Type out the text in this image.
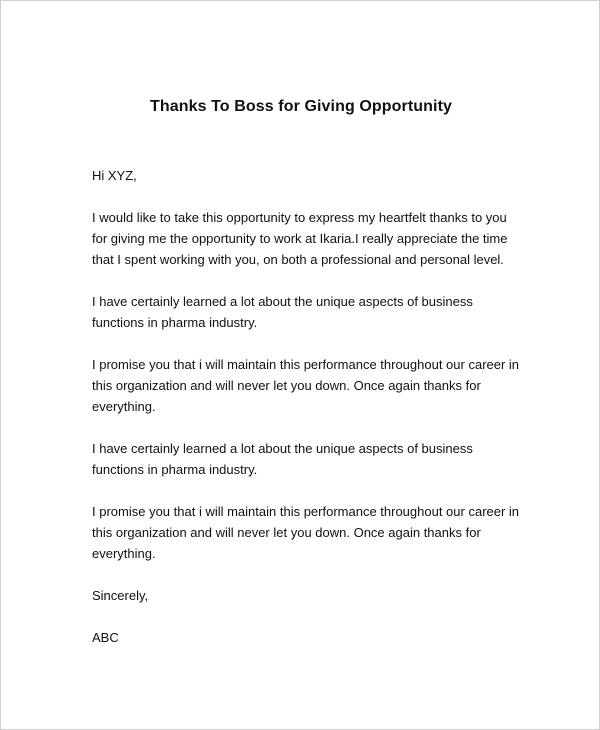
Thanks To Boss for Giving Opportunity

Hi XYZ,

I would like to take this opportunity to express my heartfelt thanks to you
for giving me the opportunity to work at Ikaria.I really appreciate the time
that I spent working with you, on both a professional and personal level.

I have certainly learned a lot about the unique aspects of business
functions in pharma industry.

I promise you that i will maintain this performance throughout our career in
this organization and will never let you down. Once again thanks for
everything.

I have certainly learned a lot about the unique aspects of business
functions in pharma industry.

I promise you that i will maintain this performance throughout our career in
this organization and will never let you down. Once again thanks for
everything.

Sincerely,

ABC
